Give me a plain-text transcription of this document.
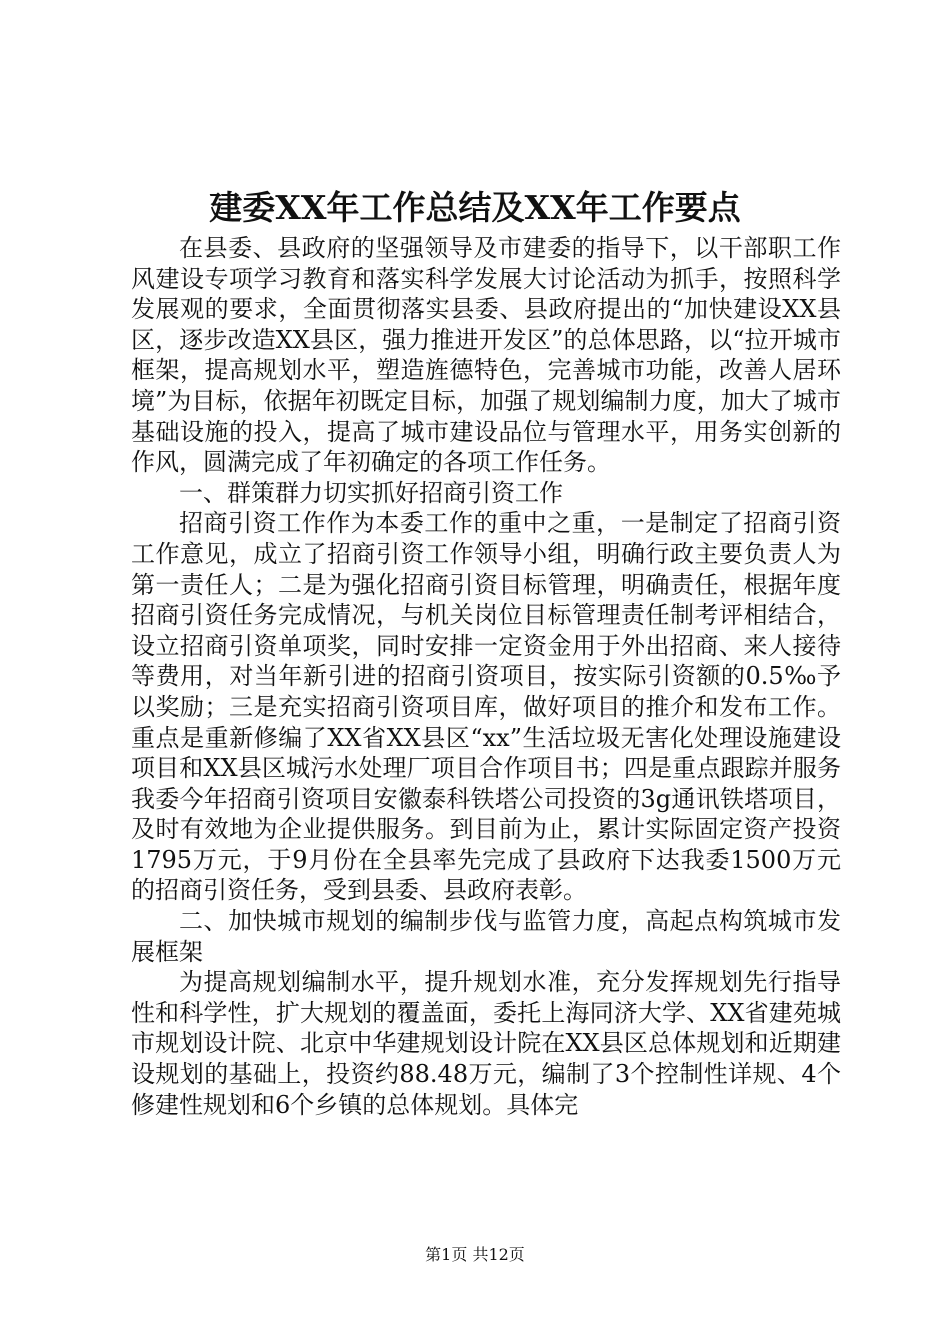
建委XX年工作总结及XX年工作要点

在县委、县政府的坚强领导及市建委的指导下，以干部职工作风建设专项学习教育和落实科学发展大讨论活动为抓手，按照科学发展观的要求，全面贯彻落实县委、县政府提出的“加快建设XX县区，逐步改造XX县区，强力推进开发区”的总体思路，以“拉开城市框架，提高规划水平，塑造旌德特色，完善城市功能，改善人居环境”为目标，依据年初既定目标，加强了规划编制力度，加大了城市基础设施的投入，提高了城市建设品位与管理水平，用务实创新的作风，圆满完成了年初确定的各项工作任务。

一、群策群力切实抓好招商引资工作

招商引资工作作为本委工作的重中之重，一是制定了招商引资工作意见，成立了招商引资工作领导小组，明确行政主要负责人为第一责任人；二是为强化招商引资目标管理，明确责任，根据年度招商引资任务完成情况，与机关岗位目标管理责任制考评相结合，设立招商引资单项奖，同时安排一定资金用于外出招商、来人接待等费用，对当年新引进的招商引资项目，按实际引资额的0.5‰予以奖励；三是充实招商引资项目库，做好项目的推介和发布工作。重点是重新修编了XX省XX县区“xx”生活垃圾无害化处理设施建设项目和XX县区城污水处理厂项目合作项目书；四是重点跟踪并服务我委今年招商引资项目安徽泰科铁塔公司投资的3g通讯铁塔项目，及时有效地为企业提供服务。到目前为止，累计实际固定资产投资1795万元，于9月份在全县率先完成了县政府下达我委1500万元的招商引资任务，受到县委、县政府表彰。

二、加快城市规划的编制步伐与监管力度，高起点构筑城市发展框架

为提高规划编制水平，提升规划水准，充分发挥规划先行指导性和科学性，扩大规划的覆盖面，委托上海同济大学、XX省建苑城市规划设计院、北京中华建规划设计院在XX县区总体规划和近期建设规划的基础上，投资约88.48万元，编制了3个控制性详规、4个修建性规划和6个乡镇的总体规划。具体完

第1页 共12页
